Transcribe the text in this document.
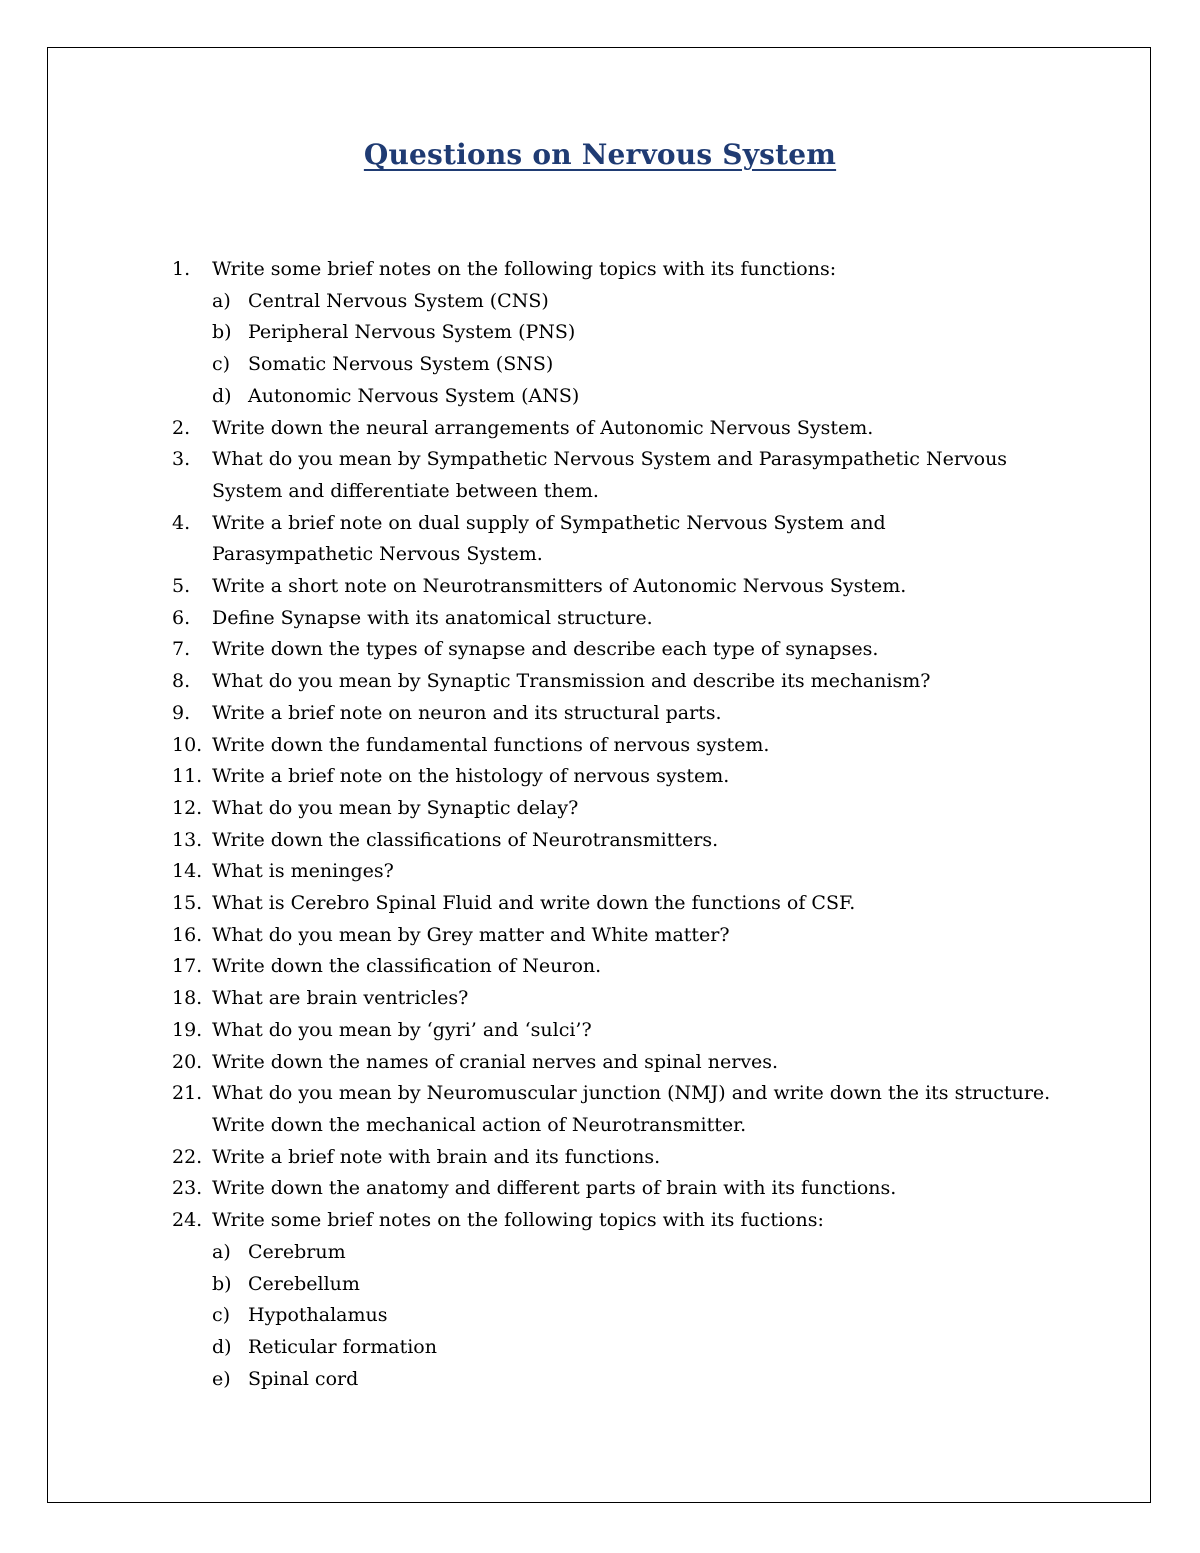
Questions on Nervous System
1.	Write some brief notes on the following topics with its functions:
a) Central Nervous System (CNS)
b) Peripheral Nervous System (PNS)
c) Somatic Nervous System (SNS)
d) Autonomic Nervous System (ANS)
2.	Write down the neural arrangements of Autonomic Nervous System.
3.	What do you mean by Sympathetic Nervous System and Parasympathetic Nervous System and differentiate between them.
4.	Write a brief note on dual supply of Sympathetic Nervous System and Parasympathetic Nervous System.
5.	Write a short note on Neurotransmitters of Autonomic Nervous System.
6.	Define Synapse with its anatomical structure.
7.	Write down the types of synapse and describe each type of synapses.
8.	What do you mean by Synaptic Transmission and describe its mechanism?
9.	Write a brief note on neuron and its structural parts.
10. Write down the fundamental functions of nervous system.
11. Write a brief note on the histology of nervous system.
12. What do you mean by Synaptic delay?
13. Write down the classifications of Neurotransmitters.
14. What is meninges?
15. What is Cerebro Spinal Fluid and write down the functions of CSF.
16. What do you mean by Grey matter and White matter?
17. Write down the classification of Neuron.
18. What are brain ventricles?
19. What do you mean by ‘gyri’ and ‘sulci’?
20. Write down the names of cranial nerves and spinal nerves.
21. What do you mean by Neuromuscular junction (NMJ) and write down the its structure. Write down the mechanical action of Neurotransmitter.
22. Write a brief note with brain and its functions.
23. Write down the anatomy and different parts of brain with its functions.
24. Write some brief notes on the following topics with its fuctions:
a) Cerebrum
b) Cerebellum
c) Hypothalamus
d) Reticular formation
e) Spinal cord
